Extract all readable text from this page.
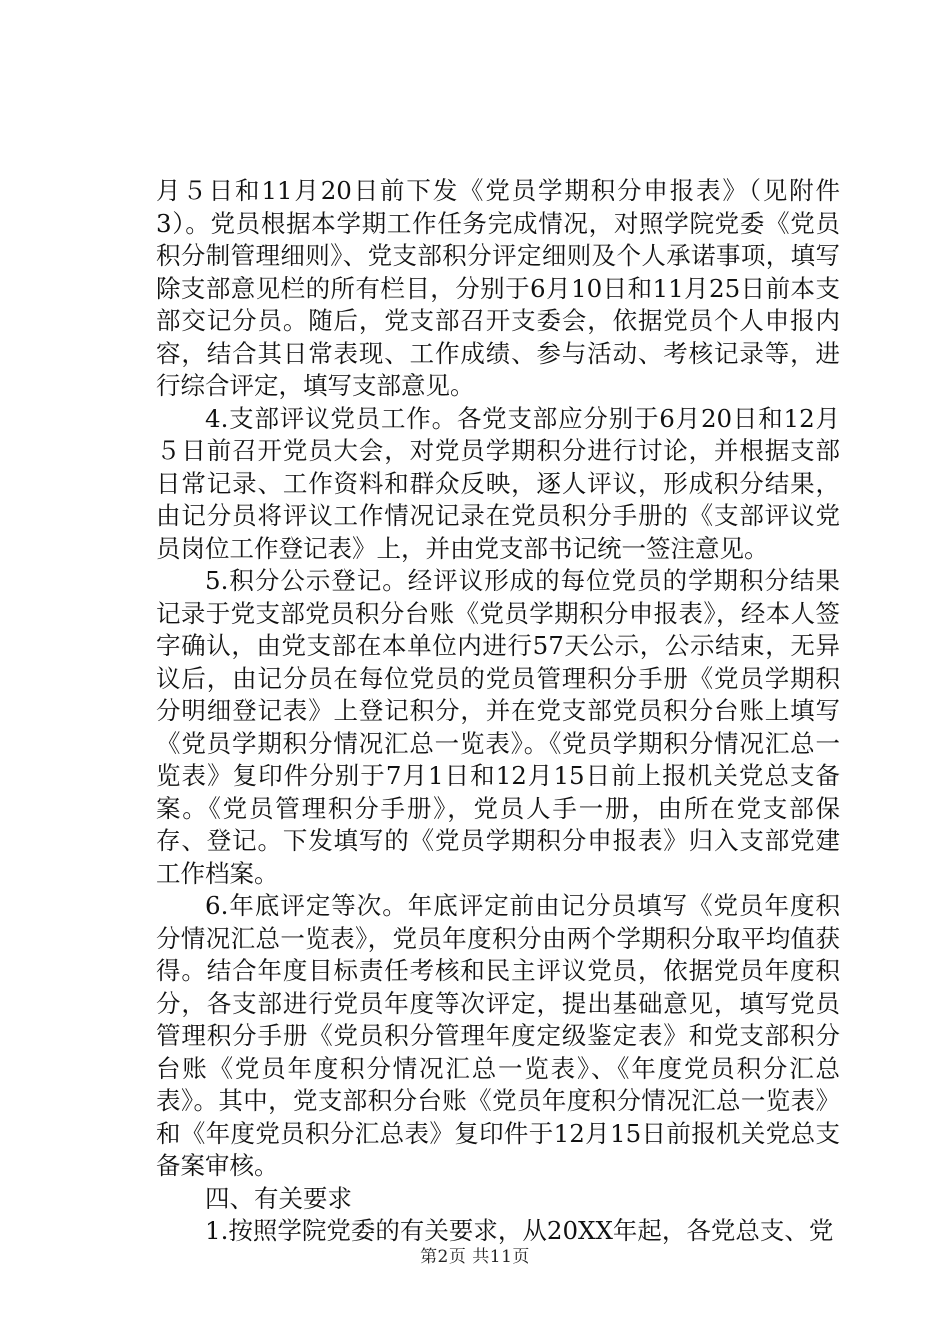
月５日和11月20日前下发《党员学期积分申报表》（见附件3）。党员根据本学期工作任务完成情况，对照学院党委《党员积分制管理细则》、党支部积分评定细则及个人承诺事项，填写除支部意见栏的所有栏目，分别于6月10日和11月25日前本支部交记分员。随后，党支部召开支委会，依据党员个人申报内容，结合其日常表现、工作成绩、参与活动、考核记录等，进行综合评定，填写支部意见。

4.支部评议党员工作。各党支部应分别于6月20日和12月５日前召开党员大会，对党员学期积分进行讨论，并根据支部日常记录、工作资料和群众反映，逐人评议，形成积分结果，由记分员将评议工作情况记录在党员积分手册的《支部评议党员岗位工作登记表》上，并由党支部书记统一签注意见。

5.积分公示登记。经评议形成的每位党员的学期积分结果记录于党支部党员积分台账《党员学期积分申报表》，经本人签字确认，由党支部在本单位内进行57天公示，公示结束，无异议后，由记分员在每位党员的党员管理积分手册《党员学期积分明细登记表》上登记积分，并在党支部党员积分台账上填写《党员学期积分情况汇总一览表》。《党员学期积分情况汇总一览表》复印件分别于7月1日和12月15日前上报机关党总支备案。《党员管理积分手册》，党员人手一册，由所在党支部保存、登记。下发填写的《党员学期积分申报表》归入支部党建工作档案。

6.年底评定等次。年底评定前由记分员填写《党员年度积分情况汇总一览表》，党员年度积分由两个学期积分取平均值获得。结合年度目标责任考核和民主评议党员，依据党员年度积分，各支部进行党员年度等次评定，提出基础意见，填写党员管理积分手册《党员积分管理年度定级鉴定表》和党支部积分台账《党员年度积分情况汇总一览表》、《年度党员积分汇总表》。其中，党支部积分台账《党员年度积分情况汇总一览表》和《年度党员积分汇总表》复印件于12月15日前报机关党总支备案审核。

四、有关要求

1.按照学院党委的有关要求，从20XX年起，各党总支、党

第2页 共11页
